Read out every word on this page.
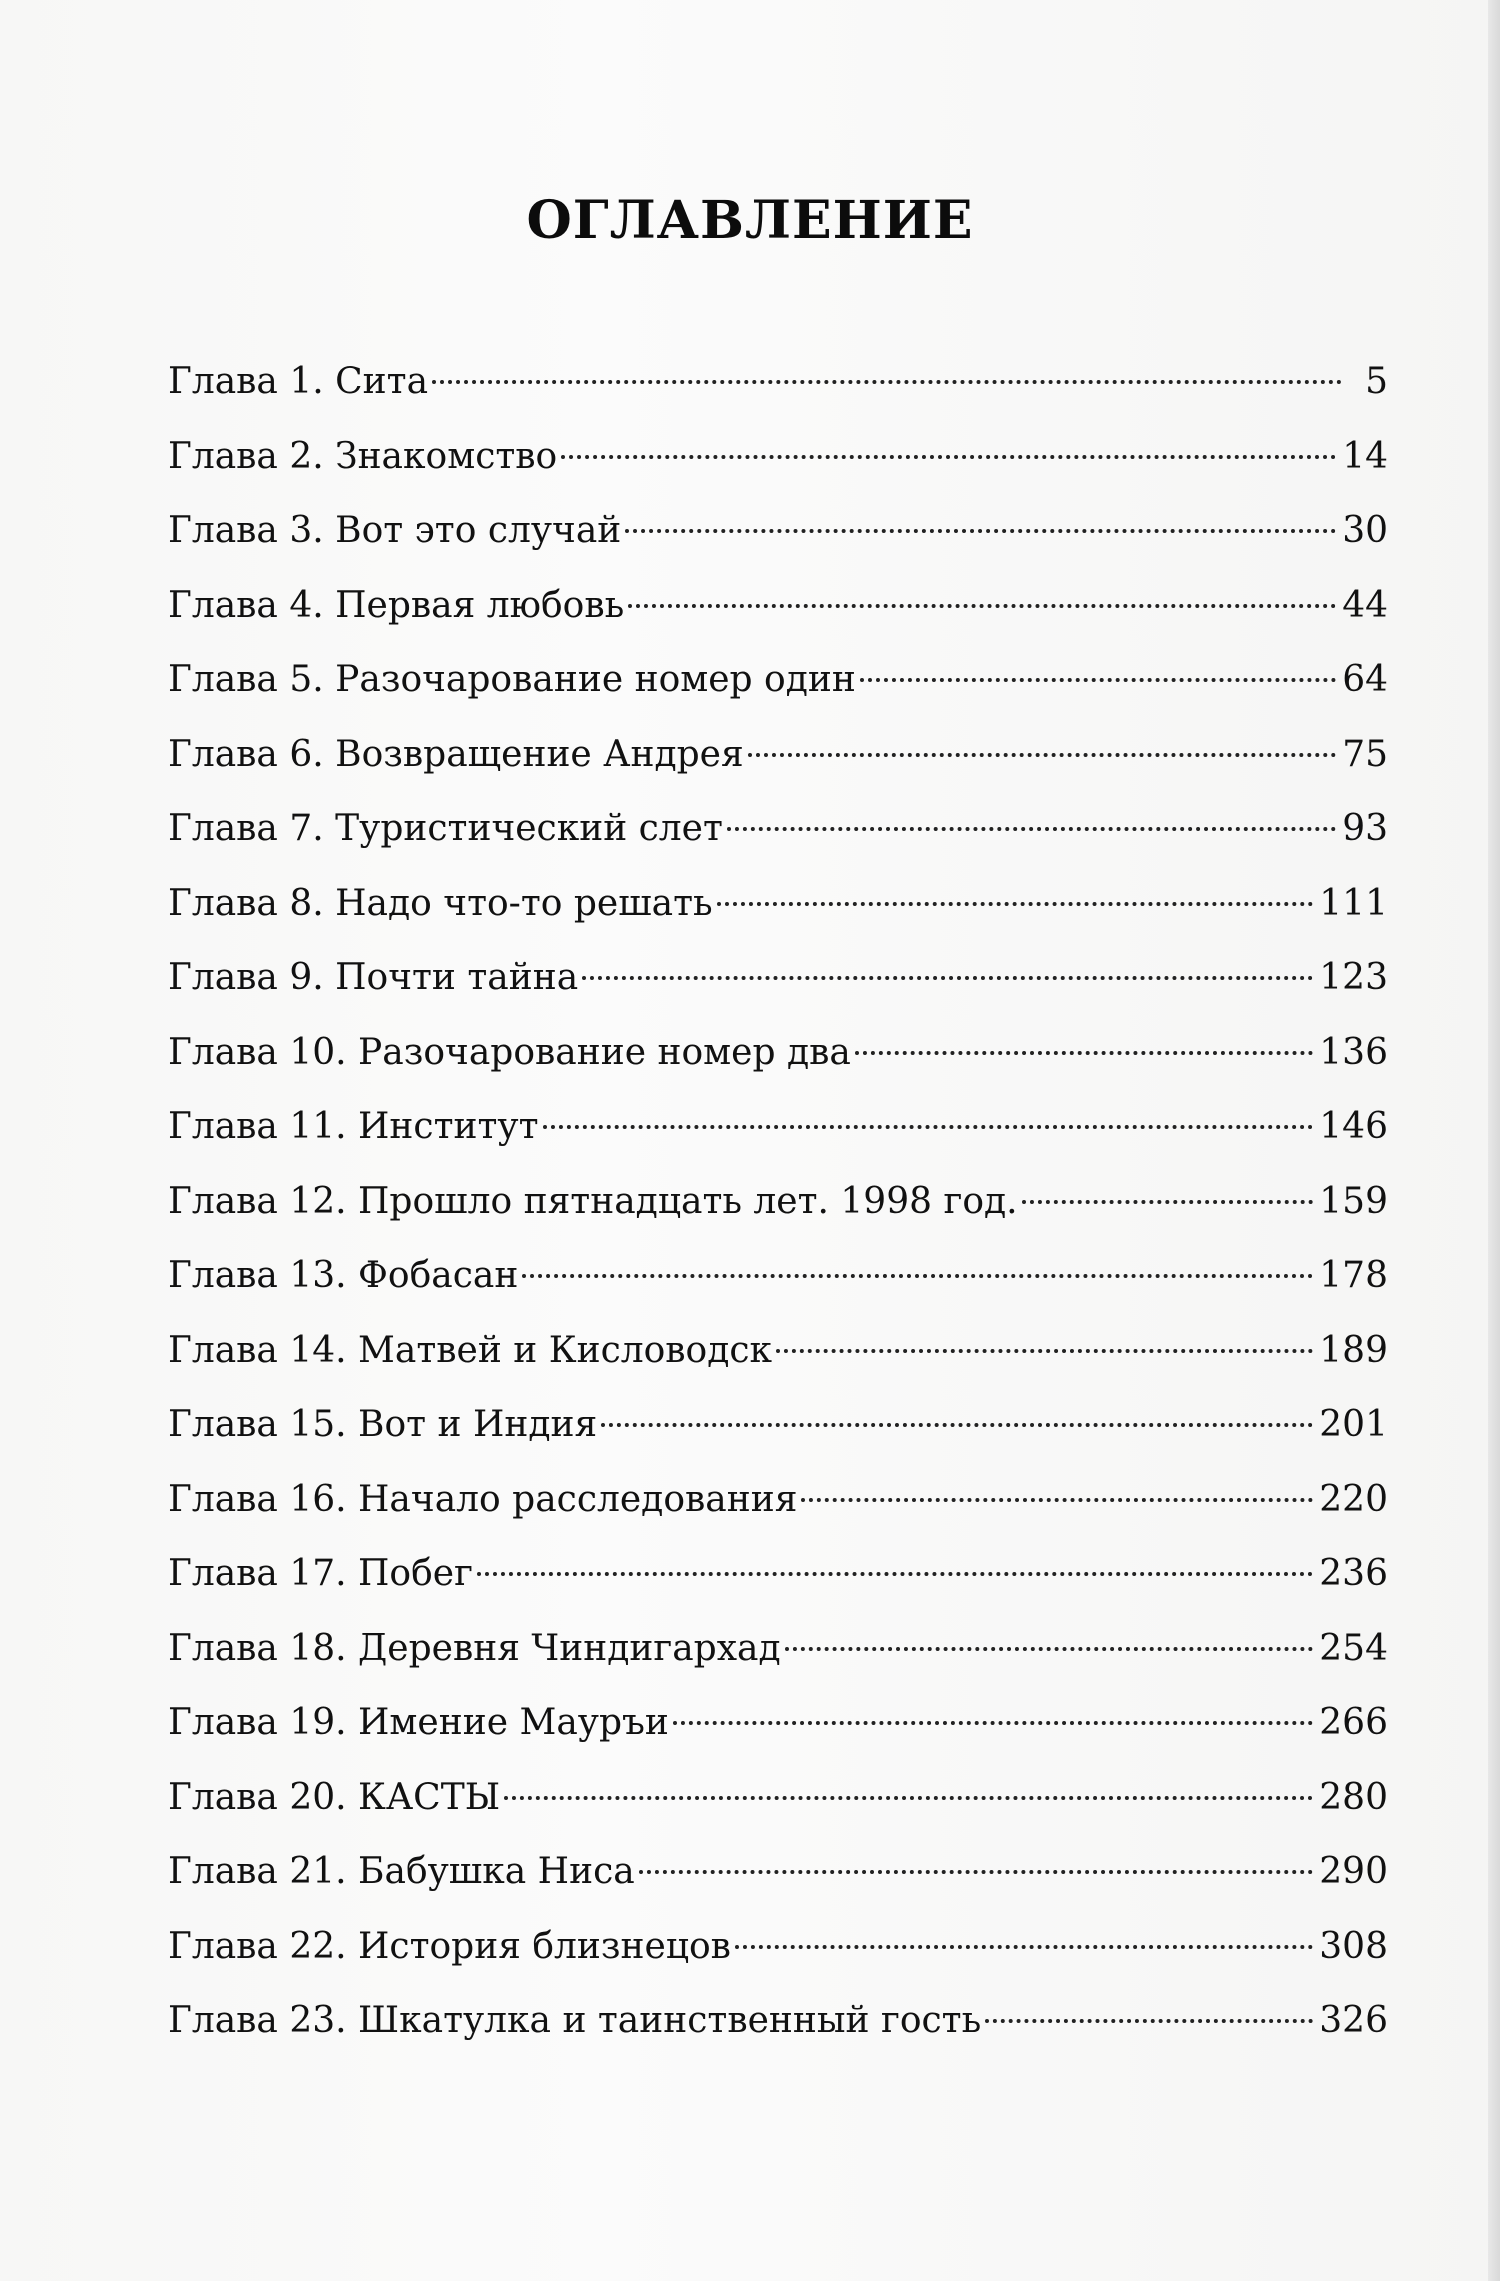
ОГЛАВЛЕНИЕ
Глава 1. Сита	5
Глава 2. Знакомство	14
Глава 3. Вот это случай	30
Глава 4. Первая любовь	44
Глава 5. Разочарование номер один	64
Глава 6. Возвращение Андрея	75
Глава 7. Туристический слет	93
Глава 8. Надо что-то решать	111
Глава 9. Почти тайна	123
Глава 10. Разочарование номер два	136
Глава 11. Институт	146
Глава 12. Прошло пятнадцать лет. 1998 год.	159
Глава 13. Фобасан	178
Глава 14. Матвей и Кисловодск	189
Глава 15. Вот и Индия	201
Глава 16. Начало расследования	220
Глава 17. Побег	236
Глава 18. Деревня Чиндигархад	254
Глава 19. Имение Мауръи	266
Глава 20. КАСТЫ	280
Глава 21. Бабушка Ниса	290
Глава 22. История близнецов	308
Глава 23. Шкатулка и таинственный гость	326
